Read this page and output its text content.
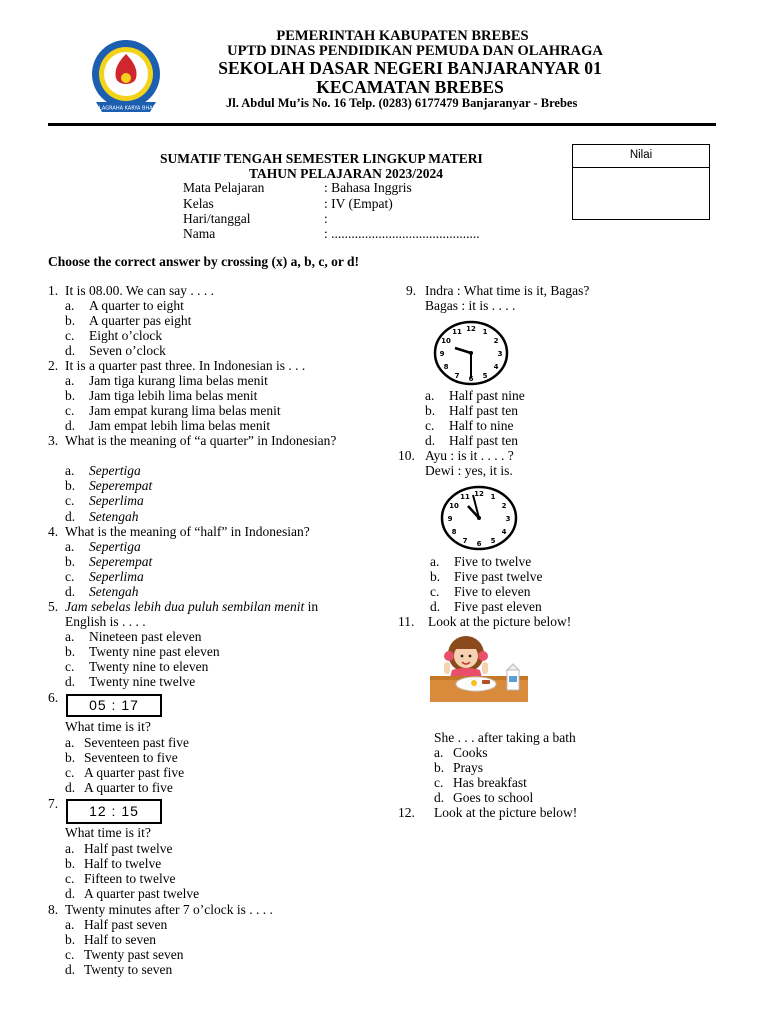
SOLAGRAHA KARYA BHAKTI
PEMERINTAH KABUPATEN BREBES
UPTD DINAS PENDIDIKAN PEMUDA DAN OLAHRAGA
SEKOLAH DASAR NEGERI BANJARANYAR 01
KECAMATAN BREBES
Jl. Abdul Mu’is No. 16 Telp. (0283) 6177479 Banjaranyar - Brebes
SUMATIF TENGAH SEMESTER LINGKUP MATERI
TAHUN PELAJARAN 2023/2024
Mata Pelajaran	: Bahasa Inggris
Kelas	: IV (Empat)
Hari/tanggal	:
Nama	: ............................................
Nilai
Choose the correct answer by crossing (x) a, b, c, or d!
1. It is 08.00. We can say . . . .
a. A quarter to eight
b. A quarter pas eight
c. Eight o’clock
d. Seven o’clock
2. It is a quarter past three. In Indonesian is . . .
a. Jam tiga kurang lima belas menit
b. Jam tiga lebih lima belas menit
c. Jam empat kurang lima belas menit
d. Jam empat lebih lima belas menit
3. What is the meaning of “a quarter” in Indonesian?
a. Sepertiga
b. Seperempat
c. Seperlima
d. Setengah
4. What is the meaning of “half” in Indonesian?
a. Sepertiga
b. Seperempat
c. Seperlima
d. Setengah
5. Jam sebelas lebih dua puluh sembilan menit in
English is . . . .
a. Nineteen past eleven
b. Twenty nine past eleven
c. Twenty nine to eleven
d. Twenty nine twelve
6.	05 : 17
What time is it?
a. Seventeen past five
b. Seventeen to five
c. A quarter past five
d. A quarter to five
7.	12 : 15
What time is it?
a. Half past twelve
b. Half to twelve
c. Fifteen to twelve
d. A quarter past twelve
8. Twenty minutes after 7 o’clock is . . . .
a. Half past seven
b. Half to seven
c. Twenty past seven
d. Twenty to seven
9. Indra : What time is it, Bagas?
Bagas : it is . . . .
12 1
2
3
4
5
6
7
8
9
10
11
a. Half past nine
b. Half past ten
c. Half to nine
d. Half past ten
10. Ayu : is it . . . . ?
Dewi : yes, it is.
12 1
2
3
4
5
6
7
8
9
10
11
a. Five to twelve
b. Five past twelve
c. Five to eleven
d. Five past eleven
11. Look at the picture below!
She . . . after taking a bath
a. Cooks
b. Prays
c. Has breakfast
d. Goes to school
12. Look at the picture below!
